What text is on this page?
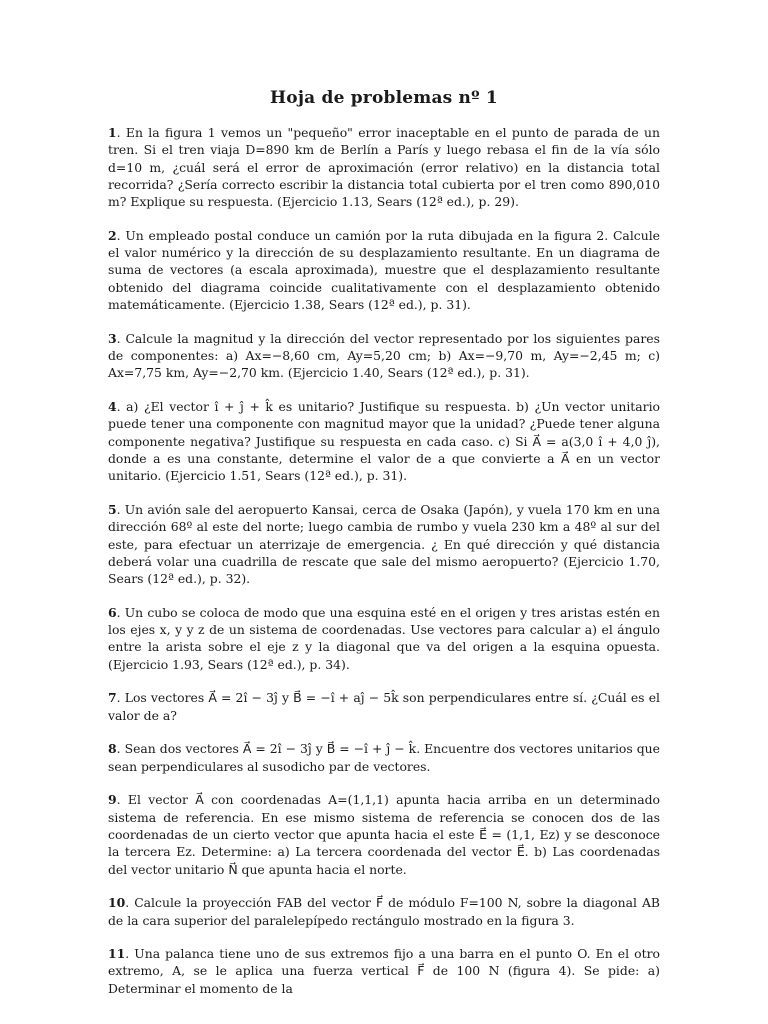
Hoja de problemas nº 1

1. En la figura 1 vemos un "pequeño" error inaceptable en el punto de parada de un tren. Si el tren viaja D=890 km de Berlín a París y luego rebasa el fin de la vía sólo d=10 m, ¿cuál será el error de aproximación (error relativo) en la distancia total recorrida? ¿Sería correcto escribir la distancia total cubierta por el tren como 890,010 m? Explique su respuesta. (Ejercicio 1.13, Sears (12ª ed.), p. 29).

2. Un empleado postal conduce un camión por la ruta dibujada en la figura 2. Calcule el valor numérico y la dirección de su desplazamiento resultante. En un diagrama de suma de vectores (a escala aproximada), muestre que el desplazamiento resultante obtenido del diagrama coincide cualitativamente con el desplazamiento obtenido matemáticamente. (Ejercicio 1.38, Sears (12ª ed.), p. 31).

3. Calcule la magnitud y la dirección del vector representado por los siguientes pares de componentes: a) Ax=−8,60 cm, Ay=5,20 cm; b) Ax=−9,70 m, Ay=−2,45 m; c) Ax=7,75 km, Ay=−2,70 km. (Ejercicio 1.40, Sears (12ª ed.), p. 31).

4. a) ¿El vector î + ĵ + k̂ es unitario? Justifique su respuesta. b) ¿Un vector unitario puede tener una componente con magnitud mayor que la unidad? ¿Puede tener alguna componente negativa? Justifique su respuesta en cada caso. c) Si A⃗ = a(3,0 î + 4,0 ĵ), donde a es una constante, determine el valor de a que convierte a A⃗ en un vector unitario. (Ejercicio 1.51, Sears (12ª ed.), p. 31).

5. Un avión sale del aeropuerto Kansai, cerca de Osaka (Japón), y vuela 170 km en una dirección 68º al este del norte; luego cambia de rumbo y vuela 230 km a 48º al sur del este, para efectuar un aterrizaje de emergencia. ¿ En qué dirección y qué distancia deberá volar una cuadrilla de rescate que sale del mismo aeropuerto? (Ejercicio 1.70, Sears (12ª ed.), p. 32).

6. Un cubo se coloca de modo que una esquina esté en el origen y tres aristas estén en los ejes x, y y z de un sistema de coordenadas. Use vectores para calcular a) el ángulo entre la arista sobre el eje z y la diagonal que va del origen a la esquina opuesta. (Ejercicio 1.93, Sears (12ª ed.), p. 34).

7. Los vectores A⃗ = 2î − 3ĵ y B⃗ = −î + aĵ − 5k̂ son perpendiculares entre sí. ¿Cuál es el valor de a?

8. Sean dos vectores A⃗ = 2î − 3ĵ y B⃗ = −î + ĵ − k̂. Encuentre dos vectores unitarios que sean perpendiculares al susodicho par de vectores.

9. El vector A⃗ con coordenadas A=(1,1,1) apunta hacia arriba en un determinado sistema de referencia. En ese mismo sistema de referencia se conocen dos de las coordenadas de un cierto vector que apunta hacia el este E⃗ = (1,1, Ez) y se desconoce la tercera Ez. Determine: a) La tercera coordenada del vector E⃗. b) Las coordenadas del vector unitario N⃗ que apunta hacia el norte.

10. Calcule la proyección FAB del vector F⃗ de módulo F=100 N, sobre la diagonal AB de la cara superior del paralelepípedo rectángulo mostrado en la figura 3.

11. Una palanca tiene uno de sus extremos fijo a una barra en el punto O. En el otro extremo, A, se le aplica una fuerza vertical F⃗ de 100 N (figura 4). Se pide: a) Determinar el momento de la
